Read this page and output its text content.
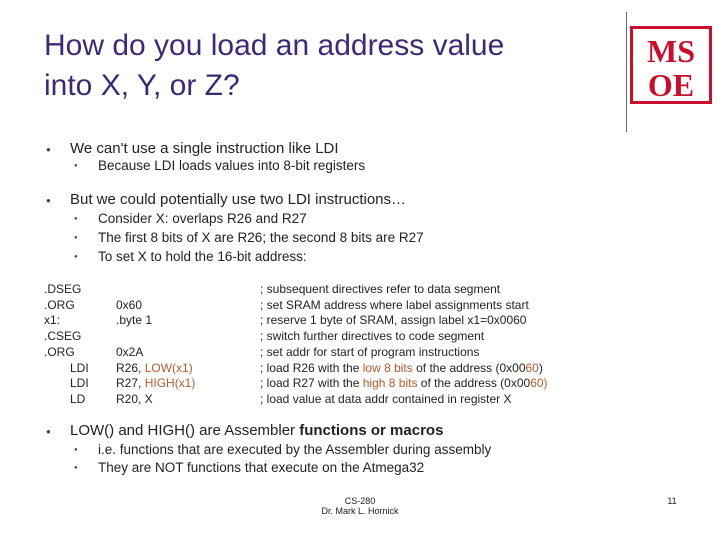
How do you load an address value
into X, Y, or Z?
MS
OE
● We can't use a single instruction like LDI
● Because LDI loads values into 8-bit registers
● But we could potentially use two LDI instructions…
● Consider X: overlaps R26 and R27
● The first 8 bits of X are R26; the second 8 bits are R27
● To set X to hold the 16-bit address:
.DSEG
.ORG
x1:
.CSEG
.ORG
LDI
LDI
LD

0x60
.byte 1

0x2A
R26, LOW(x1)
R27, HIGH(x1)
R20, X
; subsequent directives refer to data segment
; set SRAM address where label assignments start
; reserve 1 byte of SRAM, assign label x1=0x0060
; switch further directives to code segment
; set addr for start of program instructions
; load R26 with the low 8 bits of the address (0x0060)
; load R27 with the high 8 bits of the address (0x0060)
; load value at data addr contained in register X
● LOW() and HIGH() are Assembler functions or macros
● i.e. functions that are executed by the Assembler during assembly
● They are NOT functions that execute on the Atmega32
CS-280
Dr. Mark L. Hornick
11
